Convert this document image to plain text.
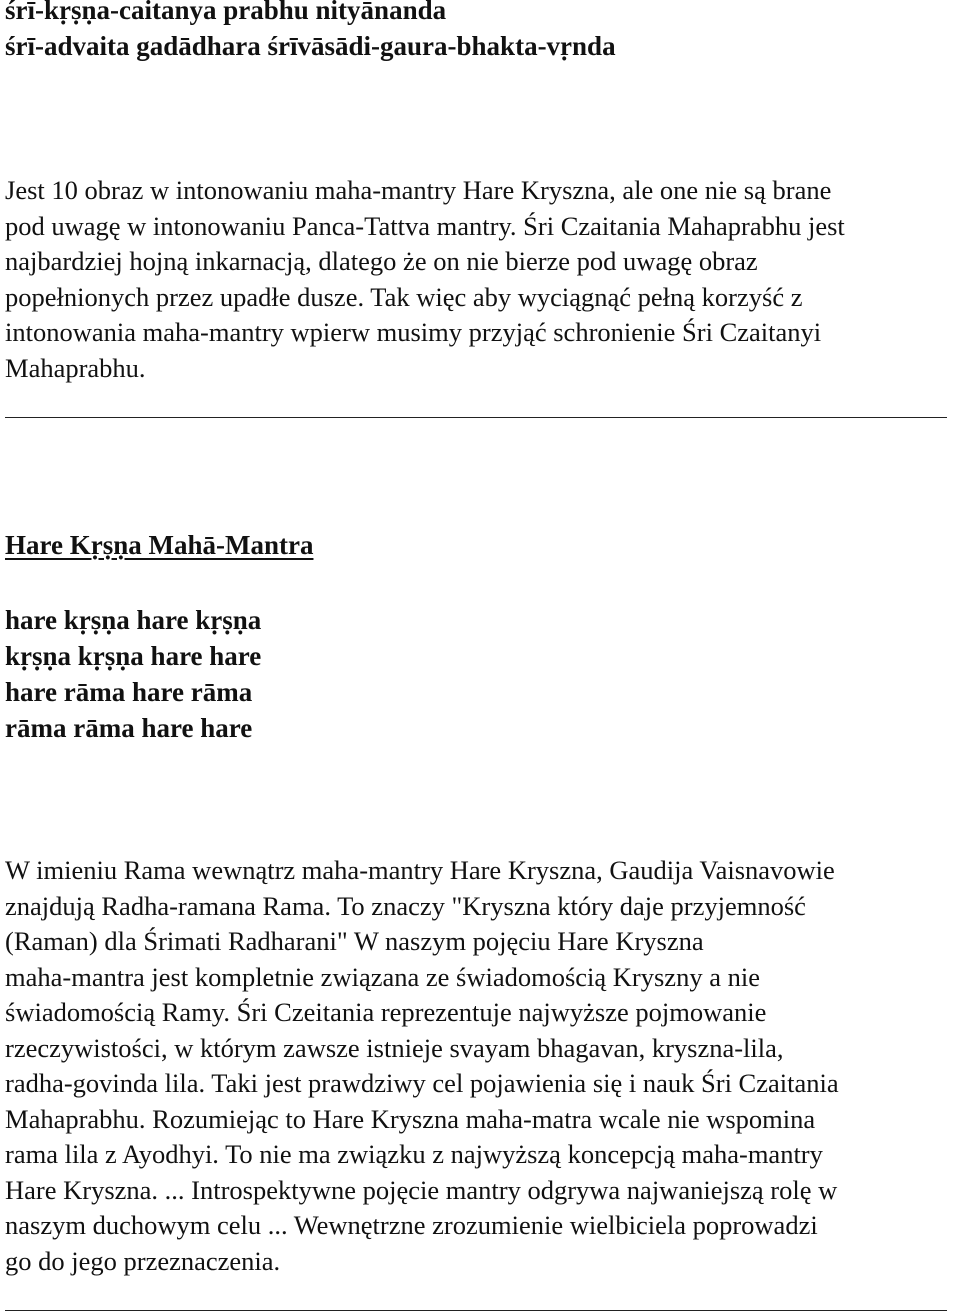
śrī-kṛṣṇa-caitanya prabhu nityānanda
śrī-advaita gadādhara śrīvāsādi-gaura-bhakta-vṛnda
Jest 10 obraz w intonowaniu maha-mantry Hare Kryszna, ale one nie są brane
pod uwagę w intonowaniu Panca-Tattva mantry. Śri Czaitania Mahaprabhu jest
najbardziej hojną inkarnacją, dlatego że on nie bierze pod uwagę obraz
popełnionych przez upadłe dusze. Tak więc aby wyciągnąć pełną korzyść z
intonowania maha-mantry wpierw musimy przyjąć schronienie Śri Czaitanyi
Mahaprabhu.
Hare Kṛṣṇa Mahā-Mantra
hare kṛṣṇa hare kṛṣṇa
kṛṣṇa kṛṣṇa hare hare
hare rāma hare rāma
rāma rāma hare hare
W imieniu Rama wewnątrz maha-mantry Hare Kryszna, Gaudija Vaisnavowie
znajdują Radha-ramana Rama. To znaczy "Kryszna który daje przyjemność
(Raman) dla Śrimati Radharani" W naszym pojęciu Hare Kryszna
maha-mantra jest kompletnie związana ze świadomością Kryszny a nie
świadomością Ramy. Śri Czeitania reprezentuje najwyższe pojmowanie
rzeczywistości, w którym zawsze istnieje svayam bhagavan, kryszna-lila,
radha-govinda lila. Taki jest prawdziwy cel pojawienia się i nauk Śri Czaitania
Mahaprabhu. Rozumiejąc to Hare Kryszna maha-matra wcale nie wspomina
rama lila z Ayodhyi. To nie ma związku z najwyższą koncepcją maha-mantry
Hare Kryszna. ... Introspektywne pojęcie mantry odgrywa najwaniejszą rolę w
naszym duchowym celu ... Wewnętrzne zrozumienie wielbiciela poprowadzi
go do jego przeznaczenia.
